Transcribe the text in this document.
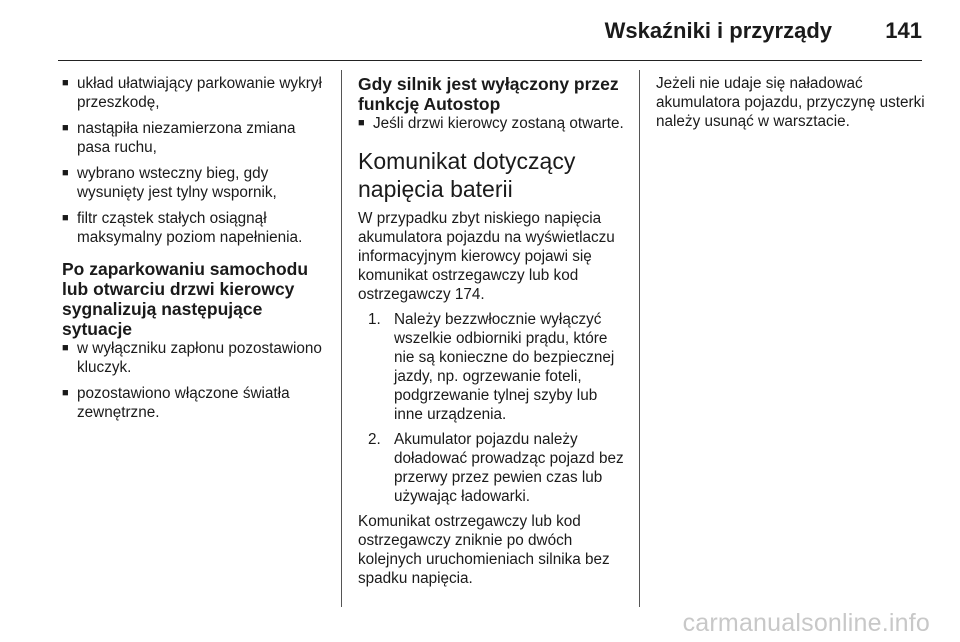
Wskaźniki i przyrządy 141
■ układ ułatwiający parkowanie wykrył przeszkodę,
■ nastąpiła niezamierzona zmiana pasa ruchu,
■ wybrano wsteczny bieg, gdy wysunięty jest tylny wspornik,
■ filtr cząstek stałych osiągnął maksymalny poziom napełnienia.
Po zaparkowaniu samochodu lub otwarciu drzwi kierowcy sygnalizują następujące sytuacje
■ w wyłączniku zapłonu pozostawiono kluczyk.
■ pozostawiono włączone światła zewnętrzne.
Gdy silnik jest wyłączony przez funkcję Autostop
■ Jeśli drzwi kierowcy zostaną otwarte.
Komunikat dotyczący napięcia baterii

W przypadku zbyt niskiego napięcia akumulatora pojazdu na wyświetlaczu informacyjnym kierowcy pojawi się komunikat ostrzegawczy lub kod ostrzegawczy 174.

1. Należy bezzwłocznie wyłączyć wszelkie odbiorniki prądu, które nie są konieczne do bezpiecznej jazdy, np. ogrzewanie foteli, podgrzewanie tylnej szyby lub inne urządzenia.
2. Akumulator pojazdu należy doładować prowadząc pojazd bez przerwy przez pewien czas lub używając ładowarki.

Komunikat ostrzegawczy lub kod ostrzegawczy zniknie po dwóch kolejnych uruchomieniach silnika bez spadku napięcia.

Jeżeli nie udaje się naładować akumulatora pojazdu, przyczynę usterki należy usunąć w warsztacie.

carmanualsonline.info
